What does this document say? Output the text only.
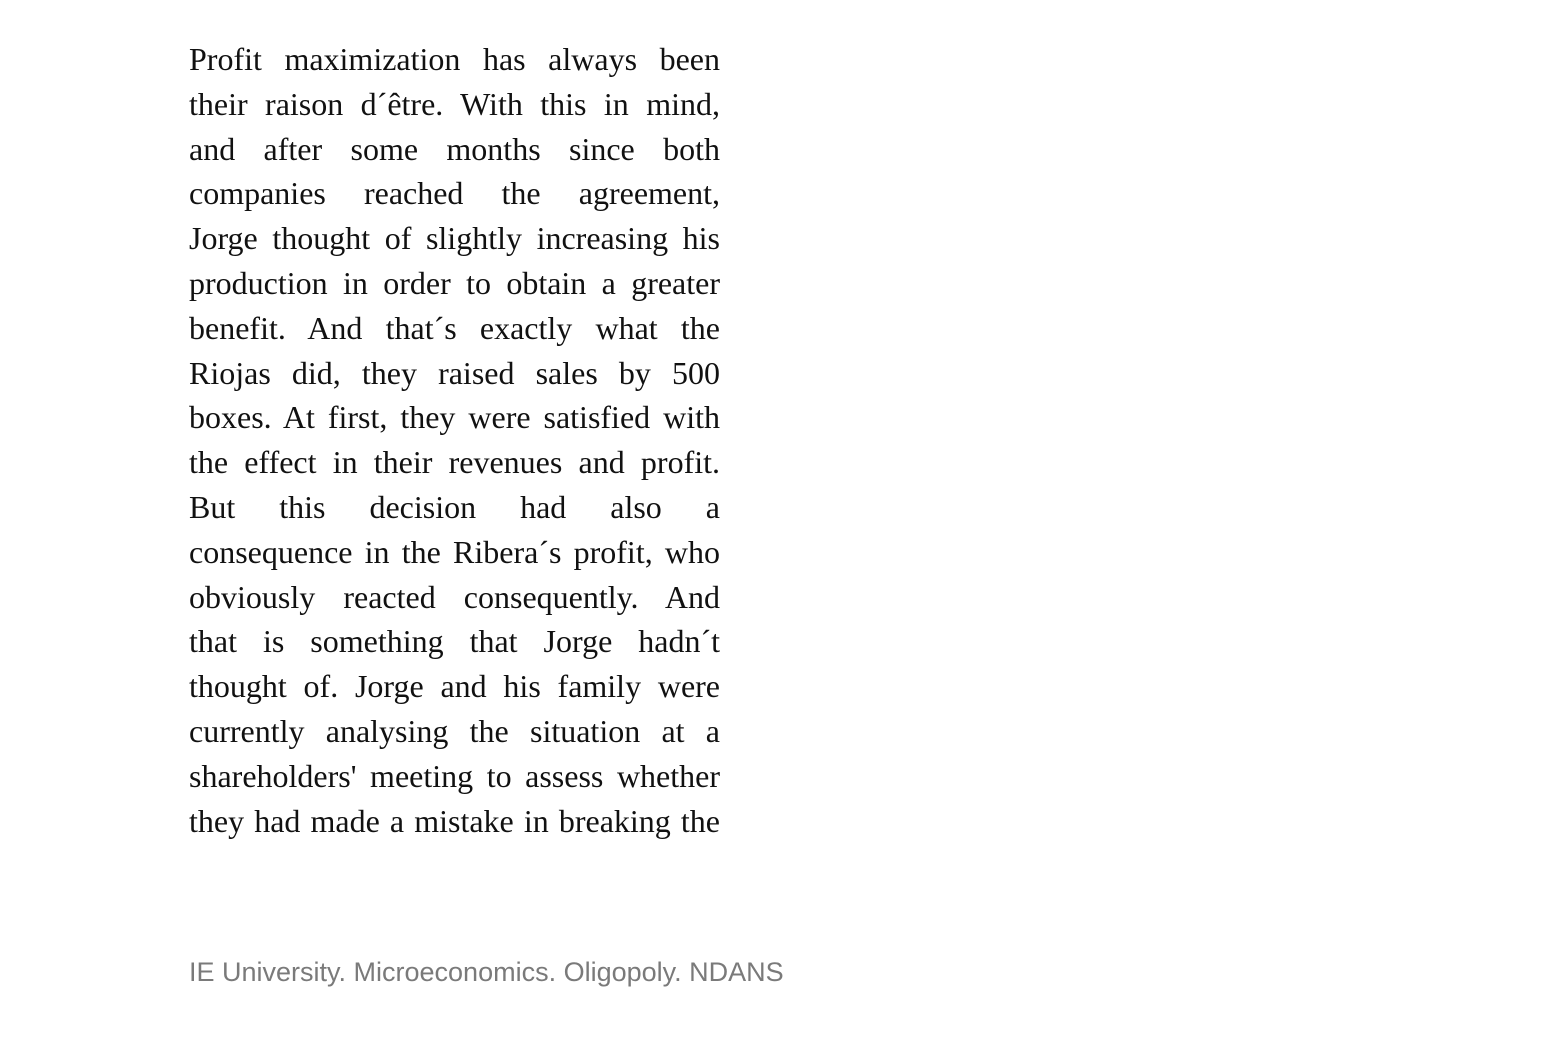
Profit maximization has always been
their raison d´être. With this in mind,
and after some months since both
companies reached the agreement,
Jorge thought of slightly increasing his
production in order to obtain a greater
benefit. And that´s exactly what the
Riojas did, they raised sales by 500
boxes. At first, they were satisfied with
the effect in their revenues and profit.
But this decision had also a
consequence in the Ribera´s profit, who
obviously reacted consequently. And
that is something that Jorge hadn´t
thought of. Jorge and his family were
currently analysing the situation at a
shareholders' meeting to assess whether
they had made a mistake in breaking the
IE University. Microeconomics. Oligopoly. NDANS
